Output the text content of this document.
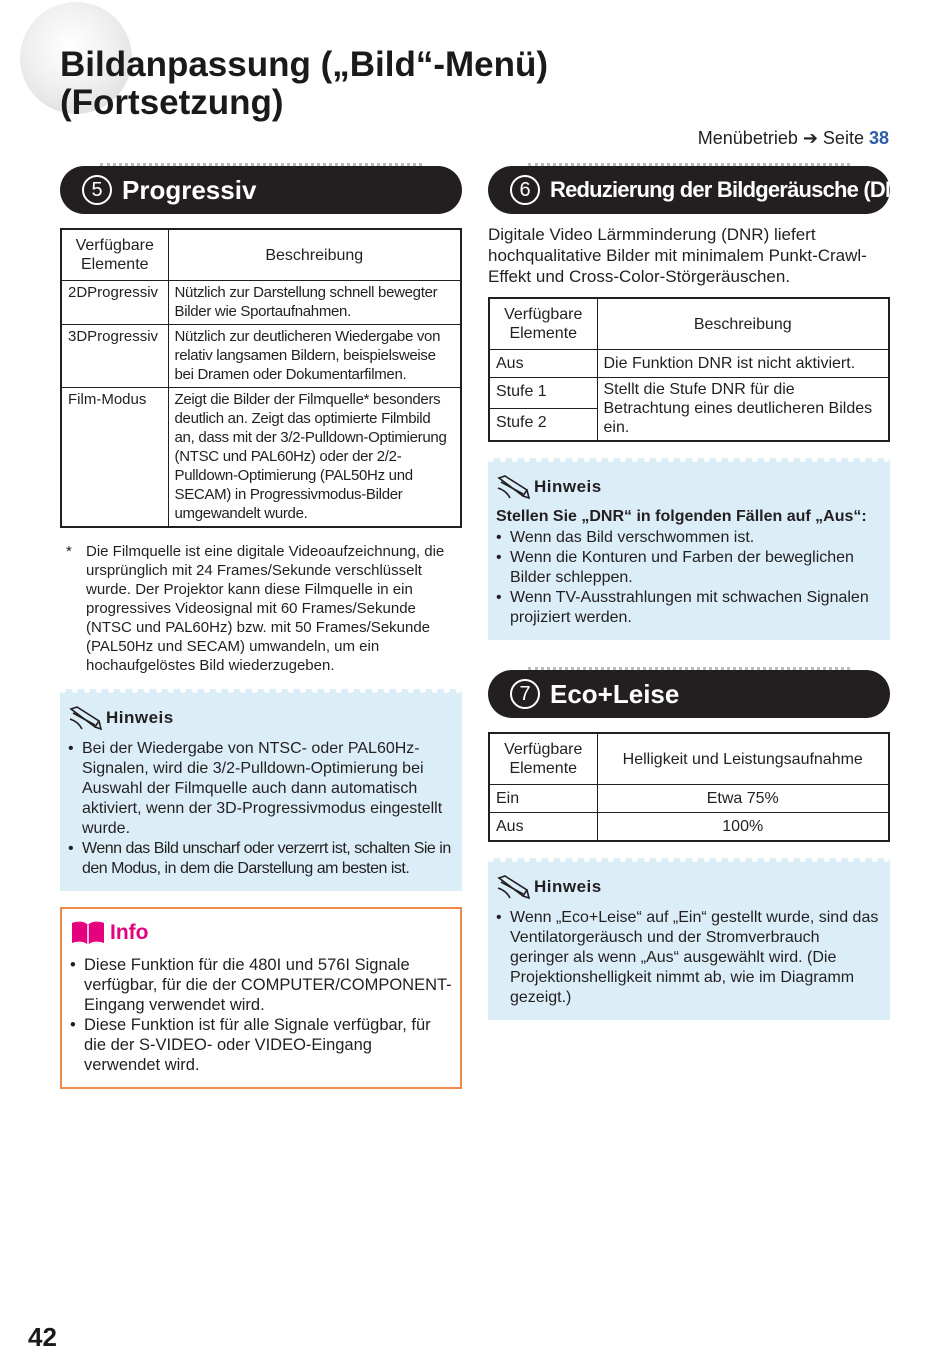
Bildanpassung („Bild“-Menü)
(Fortsetzung)
Menübetrieb ➔ Seite 38
5 Progressiv
Verfügbare Elemente	Beschreibung
2DProgressiv	Nützlich zur Darstellung schnell bewegter Bilder wie Sportaufnahmen.
3DProgressiv	Nützlich zur deutlicheren Wiedergabe von relativ langsamen Bildern, beispielsweise bei Dramen oder Dokumentarfilmen.
Film-Modus	Zeigt die Bilder der Filmquelle* besonders deutlich an. Zeigt das optimierte Filmbild an, dass mit der 3/2-Pulldown-Optimierung (NTSC und PAL60Hz) oder der 2/2-Pulldown-Optimierung (PAL50Hz und SECAM) in Progressivmodus-Bilder umgewandelt wurde.
* Die Filmquelle ist eine digitale Videoaufzeichnung, die ursprünglich mit 24 Frames/Sekunde verschlüsselt wurde. Der Projektor kann diese Filmquelle in ein progressives Videosignal mit 60 Frames/Sekunde (NTSC und PAL60Hz) bzw. mit 50 Frames/Sekunde (PAL50Hz und SECAM) umwandeln, um ein hochaufgelöstes Bild wiederzugeben.
Hinweis
• Bei der Wiedergabe von NTSC- oder PAL60Hz-Signalen, wird die 3/2-Pulldown-Optimierung bei Auswahl der Filmquelle auch dann automatisch aktiviert, wenn der 3D-Progressivmodus eingestellt wurde.
• Wenn das Bild unscharf oder verzerrt ist, schalten Sie in den Modus, in dem die Darstellung am besten ist.
Info
• Diese Funktion für die 480I und 576I Signale verfügbar, für die der COMPUTER/COMPONENT-Eingang verwendet wird.
• Diese Funktion ist für alle Signale verfügbar, für die der S-VIDEO- oder VIDEO-Eingang verwendet wird.
6 Reduzierung der Bildgeräusche (DNR)

Digitale Video Lärmminderung (DNR) liefert hochqualitative Bilder mit minimalem Punkt-Crawl-Effekt und Cross-Color-Störgeräuschen.

Verfügbare Elemente	Beschreibung
Aus	Die Funktion DNR ist nicht aktiviert.
Stufe 1	Stellt die Stufe DNR für die Betrachtung eines deutlicheren Bildes ein.
Stufe 2	
Hinweis
Stellen Sie „DNR“ in folgenden Fällen auf „Aus“:
• Wenn das Bild verschwommen ist.
• Wenn die Konturen und Farben der beweglichen Bilder schleppen.
• Wenn TV-Ausstrahlungen mit schwachen Signalen projiziert werden.
7 Eco+Leise
Verfügbare Elemente	Helligkeit und Leistungsaufnahme
Ein	Etwa 75%
Aus	100%
Hinweis
• Wenn „Eco+Leise“ auf „Ein“ gestellt wurde, sind das Ventilatorgeräusch und der Stromverbrauch geringer als wenn „Aus“ ausgewählt wird. (Die Projektionshelligkeit nimmt ab, wie im Diagramm gezeigt.)
42
